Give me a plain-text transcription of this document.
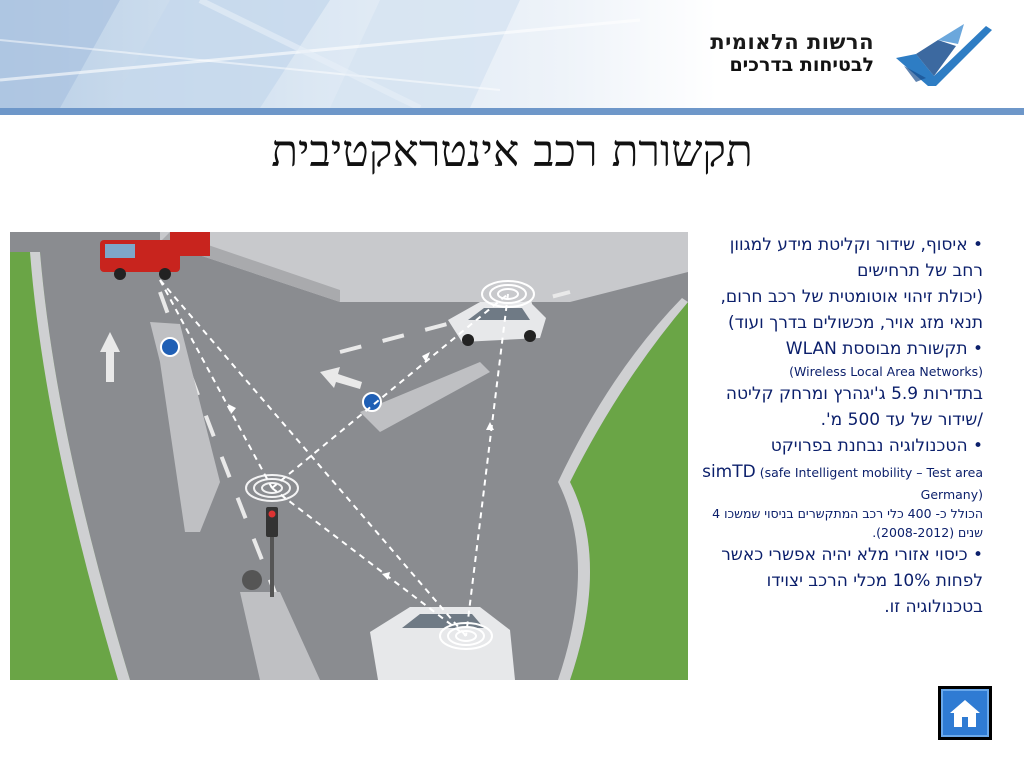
הרשות הלאומית
לבטיחות בדרכים
תקשורת רכב אינטראקטיבית

• איסוף, שידור וקליטת מידע למגוון רחב של תרחישים

(יכולת זיהוי אוטומטית של רכב חרום, תנאי מזג אויר, מכשולים בדרך ועוד)

• תקשורת מבוססת WLAN

(Wireless Local Area Networks)

בתדירות 5.9 ג'יגהרץ ומרחק קליטה /שידור של עד 500 מ'.

• הטכנולוגיה נבחנת בפרויקט

simTD (safe Intelligent mobility – Test area Germany)

הכולל כ- 400 כלי רכב המתקשרים בניסוי שמשכו 4 שנים (2008-2012).

• כיסוי אזורי מלא יהיה אפשרי כאשר לפחות 10% מכלי הרכב יצוידו בטכנולוגיה זו.
